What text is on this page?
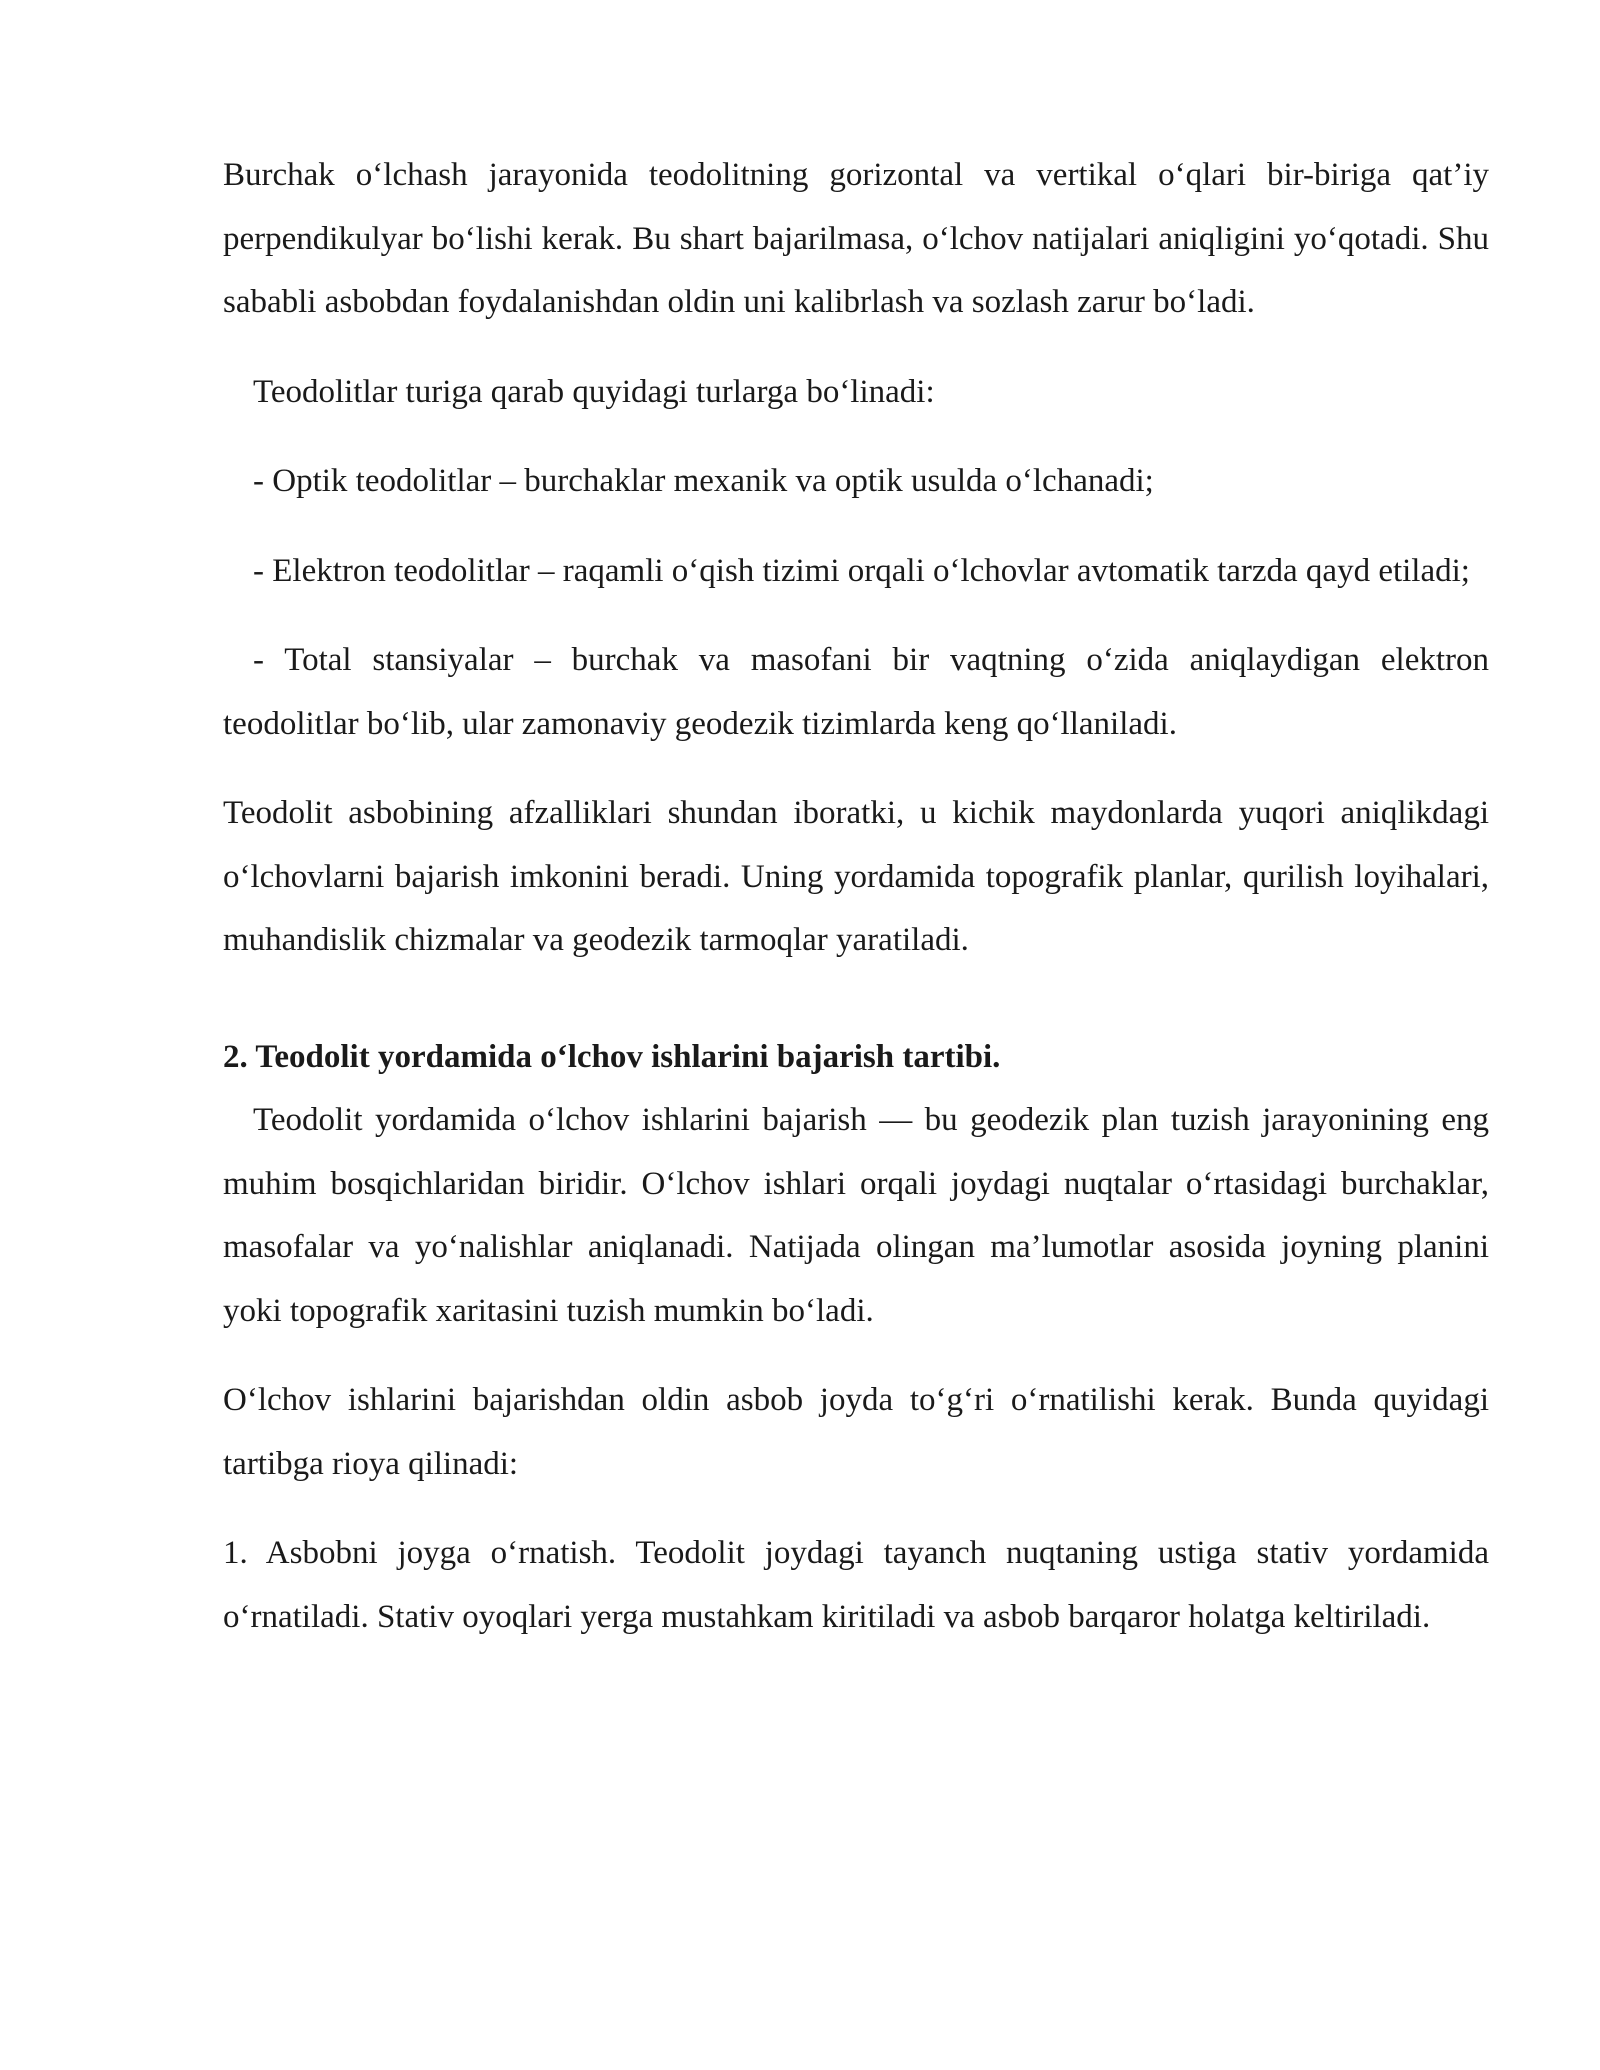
Burchak o‘lchash jarayonida teodolitning gorizontal va vertikal o‘qlari bir-biriga qat’iy perpendikulyar bo‘lishi kerak. Bu shart bajarilmasa, o‘lchov natijalari aniqligini yo‘qotadi. Shu sababli asbobdan foydalanishdan oldin uni kalibrlash va sozlash zarur bo‘ladi.

Teodolitlar turiga qarab quyidagi turlarga bo‘linadi:

- Optik teodolitlar – burchaklar mexanik va optik usulda o‘lchanadi;

- Elektron teodolitlar – raqamli o‘qish tizimi orqali o‘lchovlar avtomatik tarzda qayd etiladi;

- Total stansiyalar – burchak va masofani bir vaqtning o‘zida aniqlaydigan elektron teodolitlar bo‘lib, ular zamonaviy geodezik tizimlarda keng qo‘llaniladi.

Teodolit asbobining afzalliklari shundan iboratki, u kichik maydonlarda yuqori aniqlikdagi o‘lchovlarni bajarish imkonini beradi. Uning yordamida topografik planlar, qurilish loyihalari, muhandislik chizmalar va geodezik tarmoqlar yaratiladi.

2. Teodolit yordamida o‘lchov ishlarini bajarish tartibi.

Teodolit yordamida o‘lchov ishlarini bajarish — bu geodezik plan tuzish jarayonining eng muhim bosqichlaridan biridir. O‘lchov ishlari orqali joydagi nuqtalar o‘rtasidagi burchaklar, masofalar va yo‘nalishlar aniqlanadi. Natijada olingan ma’lumotlar asosida joyning planini yoki topografik xaritasini tuzish mumkin bo‘ladi.

O‘lchov ishlarini bajarishdan oldin asbob joyda to‘g‘ri o‘rnatilishi kerak. Bunda quyidagi tartibga rioya qilinadi:

1. Asbobni joyga o‘rnatish. Teodolit joydagi tayanch nuqtaning ustiga stativ yordamida o‘rnatiladi. Stativ oyoqlari yerga mustahkam kiritiladi va asbob barqaror holatga keltiriladi.
